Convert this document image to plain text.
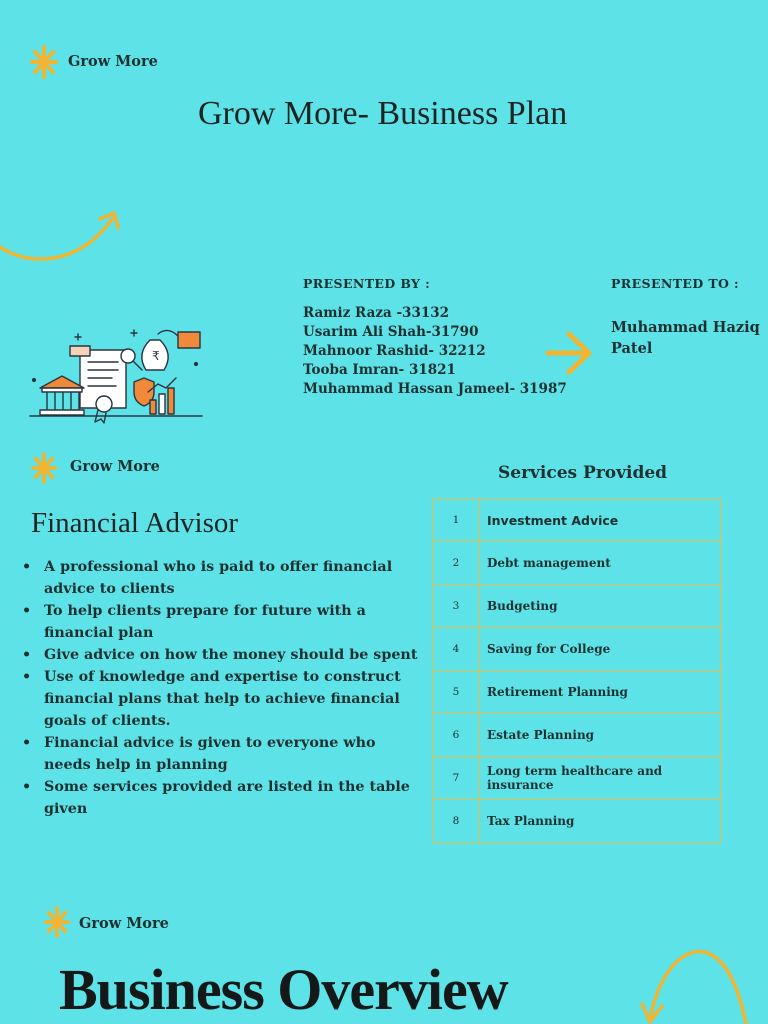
Grow More
Grow More- Business Plan
PRESENTED BY :
Ramiz Raza -33132
Usarim Ali Shah-31790
Mahnoor Rashid- 32212
Tooba Imran- 31821
Muhammad Hassan Jameel- 31987
PRESENTED TO :
Muhammad Haziq
Patel
₹
Grow More
Financial Advisor
• A professional who is paid to offer financial advice to clients
• To help clients prepare for future with a financial plan
• Give advice on how the money should be spent
• Use of knowledge and expertise to construct financial plans that help to achieve financial goals of clients.
• Financial advice is given to everyone who needs help in planning
• Some services provided are listed in the table given
Services Provided
1	Investment Advice
2	Debt management
3	Budgeting
4	Saving for College
5	Retirement Planning
6	Estate Planning
7	Long term healthcare and insurance
8	Tax Planning
Grow More
Business Overview
